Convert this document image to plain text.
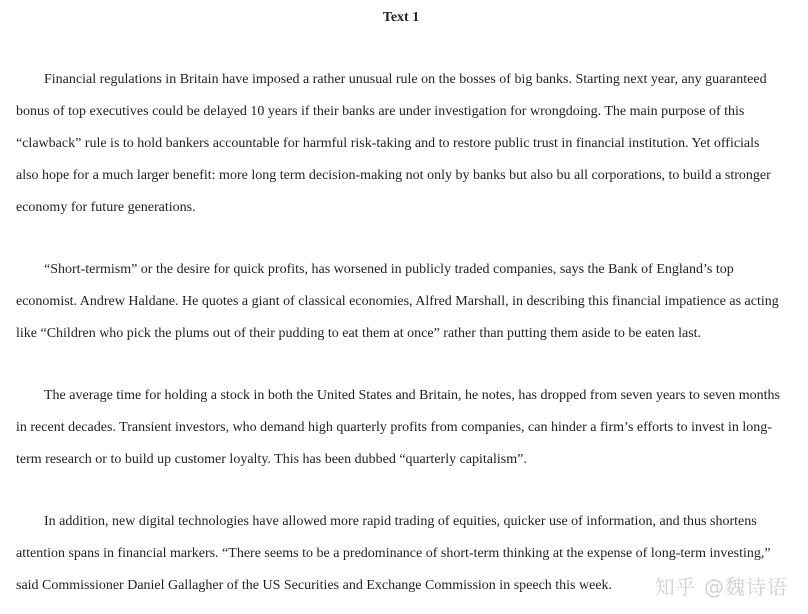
Text 1

Financial regulations in Britain have imposed a rather unusual rule on the bosses of big banks. Starting next year, any guaranteed bonus of top executives could be delayed 10 years if their banks are under investigation for wrongdoing. The main purpose of this “clawback” rule is to hold bankers accountable for harmful risk-taking and to restore public trust in financial institution. Yet officials also hope for a much larger benefit: more long term decision-making not only by banks but also bu all corporations, to build a stronger economy for future generations.

“Short-termism” or the desire for quick profits, has worsened in publicly traded companies, says the Bank of England’s top economist. Andrew Haldane. He quotes a giant of classical economies, Alfred Marshall, in describing this financial impatience as acting like “Children who pick the plums out of their pudding to eat them at once” rather than putting them aside to be eaten last.

The average time for holding a stock in both the United States and Britain, he notes, has dropped from seven years to seven months in recent decades. Transient investors, who demand high quarterly profits from companies, can hinder a firm’s efforts to invest in long-term research or to build up customer loyalty. This has been dubbed “quarterly capitalism”.

In addition, new digital technologies have allowed more rapid trading of equities, quicker use of information, and thus shortens attention spans in financial markers. “There seems to be a predominance of short-term thinking at the expense of long-term investing,” said Commissioner Daniel Gallagher of the US Securities and Exchange Commission in speech this week.	知乎 @魏诗语
